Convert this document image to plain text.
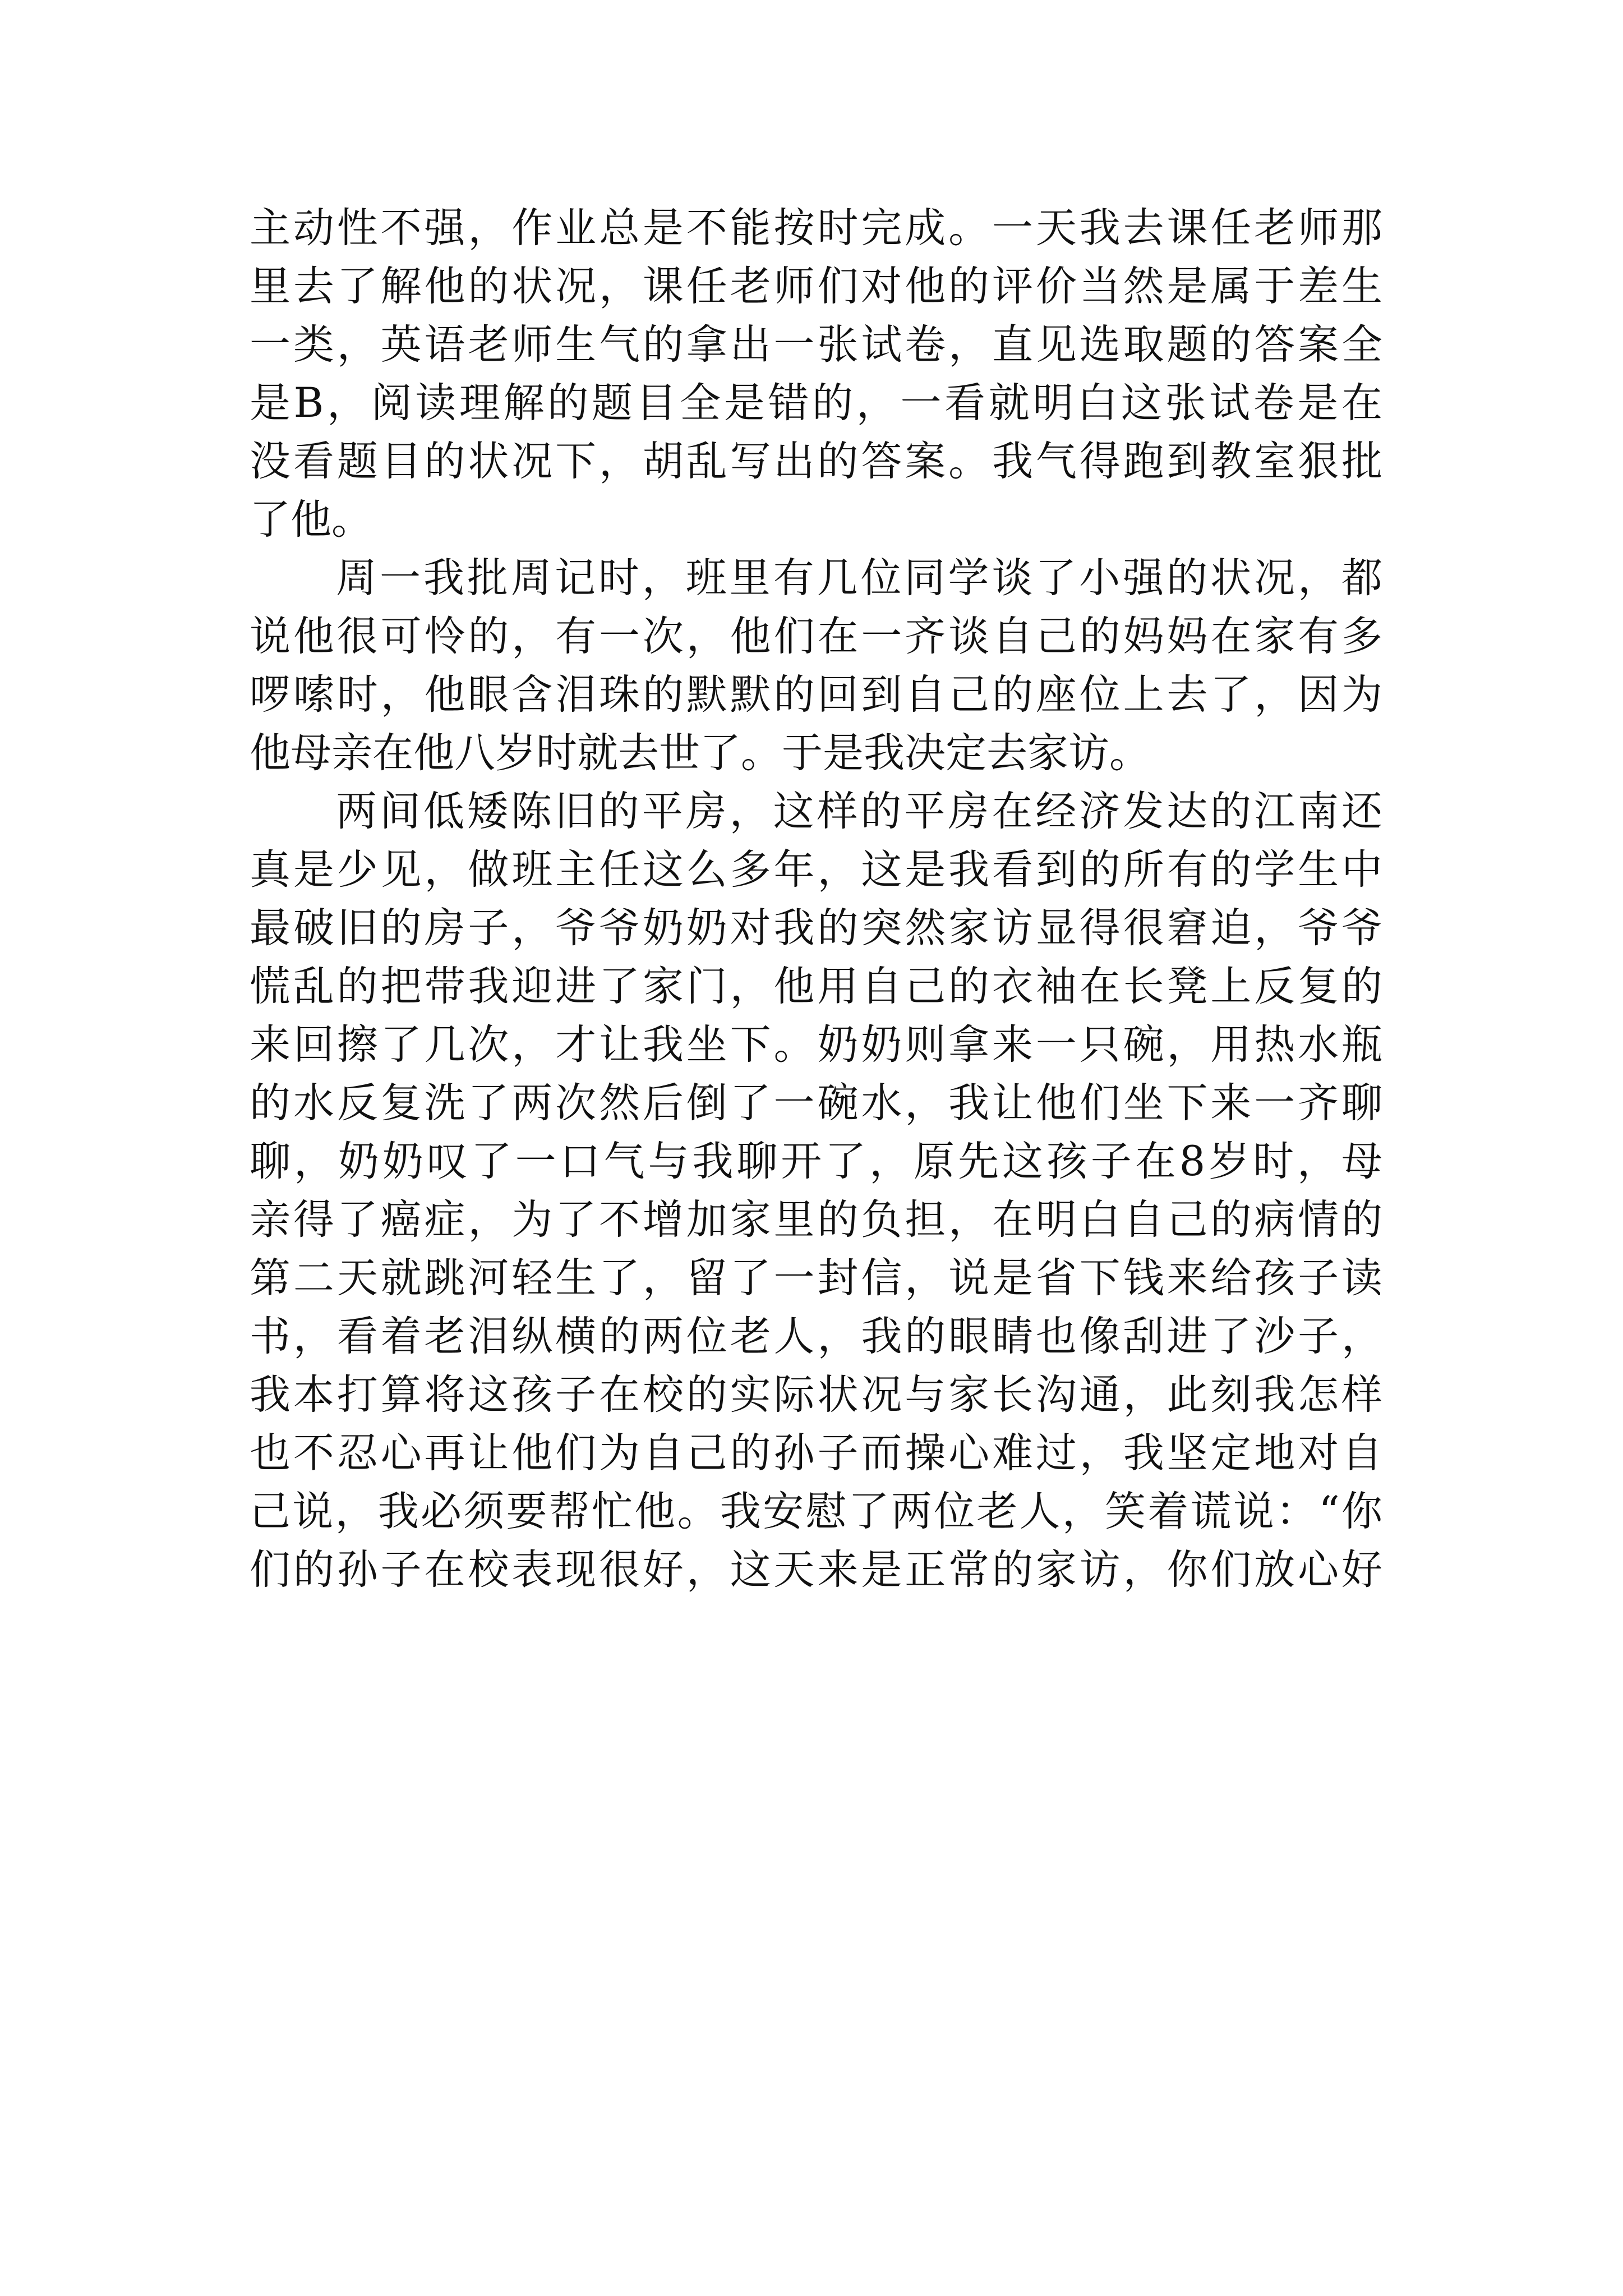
主动性不强，作业总是不能按时完成。一天我去课任老师那
里去了解他的状况，课任老师们对他的评价当然是属于差生
一类，英语老师生气的拿出一张试卷，直见选取题的答案全
是B，阅读理解的题目全是错的，一看就明白这张试卷是在
没看题目的状况下，胡乱写出的答案。我气得跑到教室狠批
了他。
周一我批周记时，班里有几位同学谈了小强的状况，都
说他很可怜的，有一次，他们在一齐谈自己的妈妈在家有多
啰嗦时，他眼含泪珠的默默的回到自己的座位上去了，因为
他母亲在他八岁时就去世了。于是我决定去家访。
两间低矮陈旧的平房，这样的平房在经济发达的江南还
真是少见，做班主任这么多年，这是我看到的所有的学生中
最破旧的房子，爷爷奶奶对我的突然家访显得很窘迫，爷爷
慌乱的把带我迎进了家门，他用自己的衣袖在长凳上反复的
来回擦了几次，才让我坐下。奶奶则拿来一只碗，用热水瓶
的水反复洗了两次然后倒了一碗水，我让他们坐下来一齐聊
聊，奶奶叹了一口气与我聊开了，原先这孩子在8岁时，母
亲得了癌症，为了不增加家里的负担，在明白自己的病情的
第二天就跳河轻生了，留了一封信，说是省下钱来给孩子读
书，看着老泪纵横的两位老人，我的眼睛也像刮进了沙子，
我本打算将这孩子在校的实际状况与家长沟通，此刻我怎样
也不忍心再让他们为自己的孙子而操心难过，我坚定地对自
己说，我必须要帮忙他。我安慰了两位老人，笑着谎说：“你
们的孙子在校表现很好，这天来是正常的家访，你们放心好
